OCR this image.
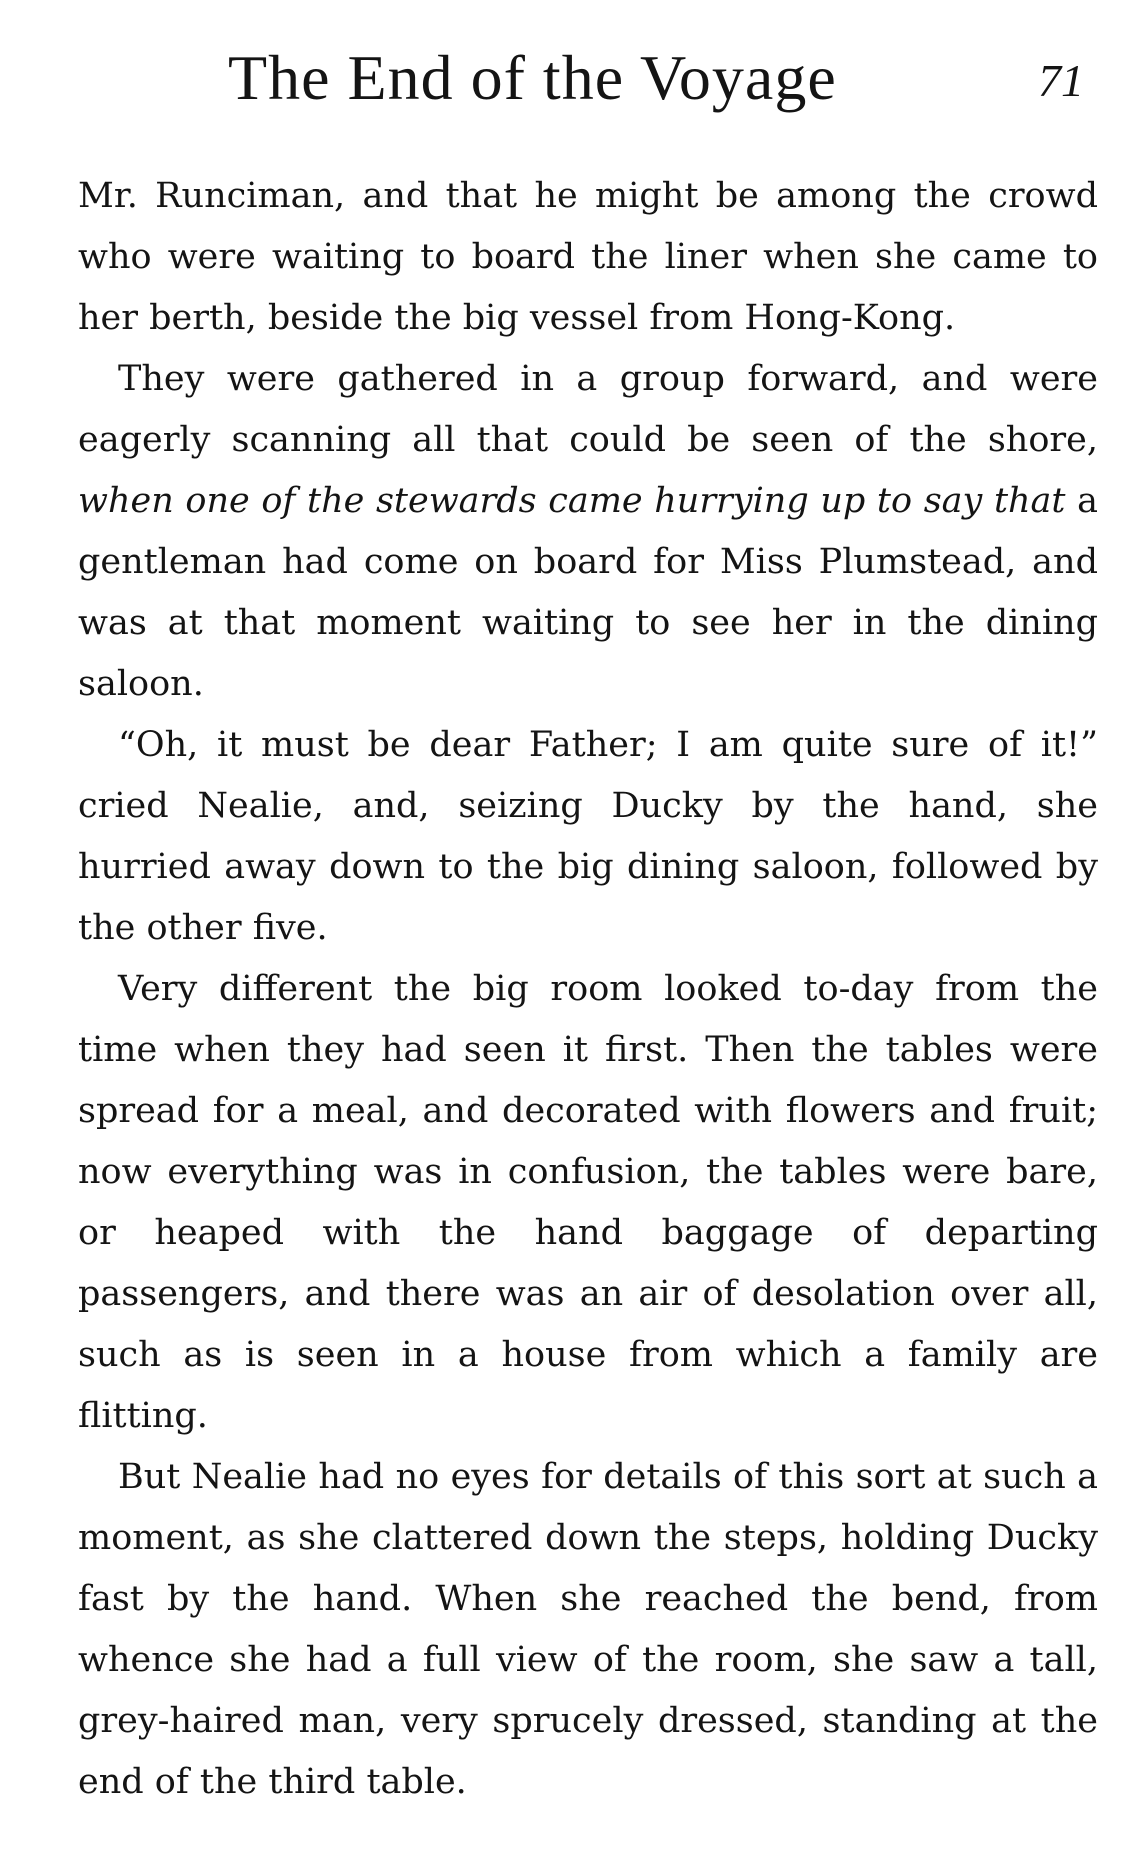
The End of the Voyage	71

Mr. Runciman, and that he might be among the crowd who were waiting to board the liner when she came to her berth, beside the big vessel from Hong-Kong.

They were gathered in a group forward, and were eagerly scanning all that could be seen of the shore, when one of the stewards came hurrying up to say that a gentleman had come on board for Miss Plumstead, and was at that moment waiting to see her in the dining saloon.

“Oh, it must be dear Father; I am quite sure of it!” cried Nealie, and, seizing Ducky by the hand, she hurried away down to the big dining saloon, followed by the other five.

Very different the big room looked to-day from the time when they had seen it first. Then the tables were spread for a meal, and decorated with flowers and fruit; now everything was in confusion, the tables were bare, or heaped with the hand baggage of departing passengers, and there was an air of desolation over all, such as is seen in a house from which a family are flitting.

But Nealie had no eyes for details of this sort at such a moment, as she clattered down the steps, holding Ducky fast by the hand. When she reached the bend, from whence she had a full view of the room, she saw a tall, grey-haired man, very sprucely dressed, standing at the end of the third table.
